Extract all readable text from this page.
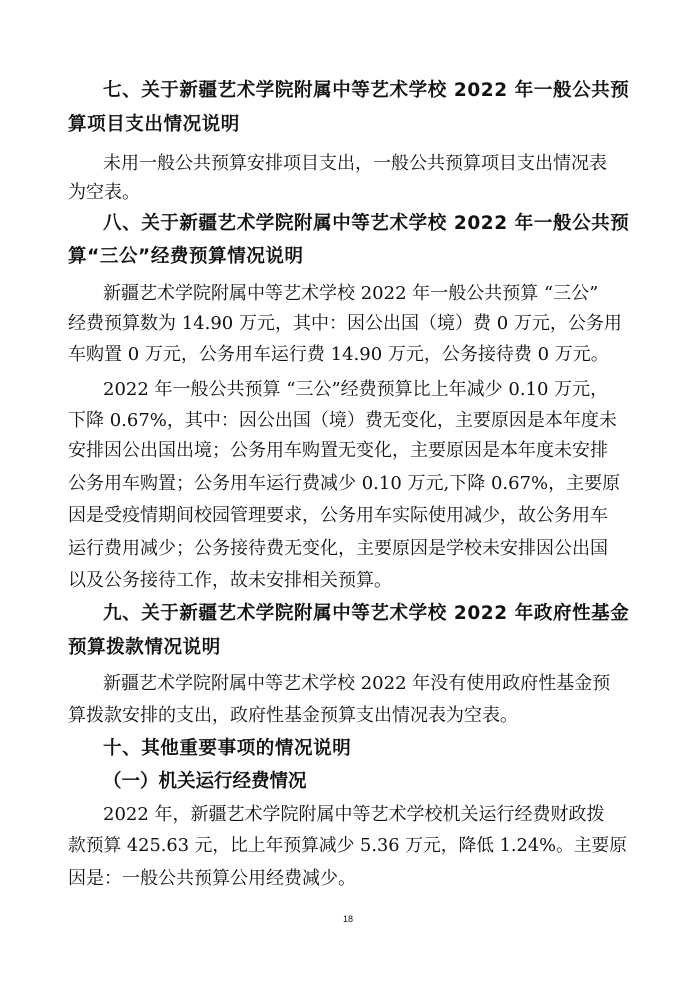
七、关于新疆艺术学院附属中等艺术学校 2022 年一般公共预

算项目支出情况说明

未用一般公共预算安排项目支出，一般公共预算项目支出情况表

为空表。

八、关于新疆艺术学院附属中等艺术学校 2022 年一般公共预

算“三公”经费预算情况说明

新疆艺术学院附属中等艺术学校 2022 年一般公共预算 “三公”

经费预算数为 14.90 万元，其中：因公出国（境）费 0 万元，公务用

车购置 0 万元，公务用车运行费 14.90 万元，公务接待费 0 万元。

2022 年一般公共预算 “三公”经费预算比上年减少 0.10 万元，

下降 0.67%，其中：因公出国（境）费无变化，主要原因是本年度未

安排因公出国出境；公务用车购置无变化，主要原因是本年度未安排

公务用车购置；公务用车运行费减少 0.10 万元,下降 0.67%，主要原

因是受疫情期间校园管理要求，公务用车实际使用减少，故公务用车

运行费用减少；公务接待费无变化，主要原因是学校未安排因公出国

以及公务接待工作，故未安排相关预算。

九、关于新疆艺术学院附属中等艺术学校 2022 年政府性基金

预算拨款情况说明

新疆艺术学院附属中等艺术学校 2022 年没有使用政府性基金预

算拨款安排的支出，政府性基金预算支出情况表为空表。

十、其他重要事项的情况说明

（一）机关运行经费情况

2022 年，新疆艺术学院附属中等艺术学校机关运行经费财政拨

款预算 425.63 元，比上年预算减少 5.36 万元，降低 1.24%。主要原

因是：一般公共预算公用经费减少。

18
